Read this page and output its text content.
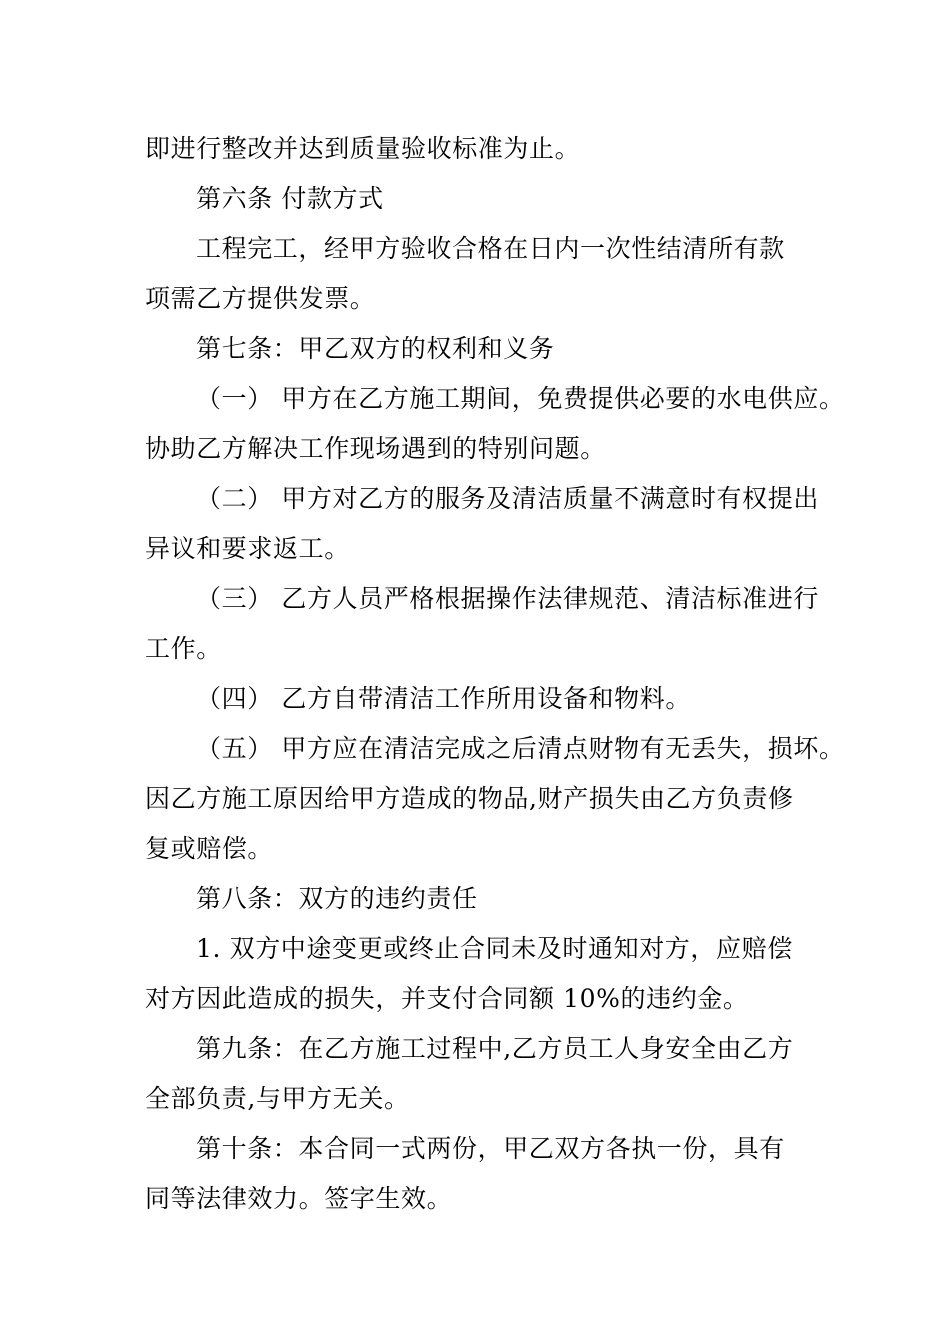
即进行整改并达到质量验收标准为止。
第六条 付款方式
工程完工，经甲方验收合格在日内一次性结清所有款
项需乙方提供发票。
第七条：甲乙双方的权利和义务
（一） 甲方在乙方施工期间，免费提供必要的水电供应。
协助乙方解决工作现场遇到的特别问题。
（二） 甲方对乙方的服务及清洁质量不满意时有权提出
异议和要求返工。
（三） 乙方人员严格根据操作法律规范、清洁标准进行
工作。
（四） 乙方自带清洁工作所用设备和物料。
（五） 甲方应在清洁完成之后清点财物有无丢失，损坏。
因乙方施工原因给甲方造成的物品,财产损失由乙方负责修
复或赔偿。
第八条：双方的违约责任
1. 双方中途变更或终止合同未及时通知对方，应赔偿
对方因此造成的损失，并支付合同额 10%的违约金。
第九条：在乙方施工过程中,乙方员工人身安全由乙方
全部负责,与甲方无关。
第十条：本合同一式两份，甲乙双方各执一份，具有
同等法律效力。签字生效。
